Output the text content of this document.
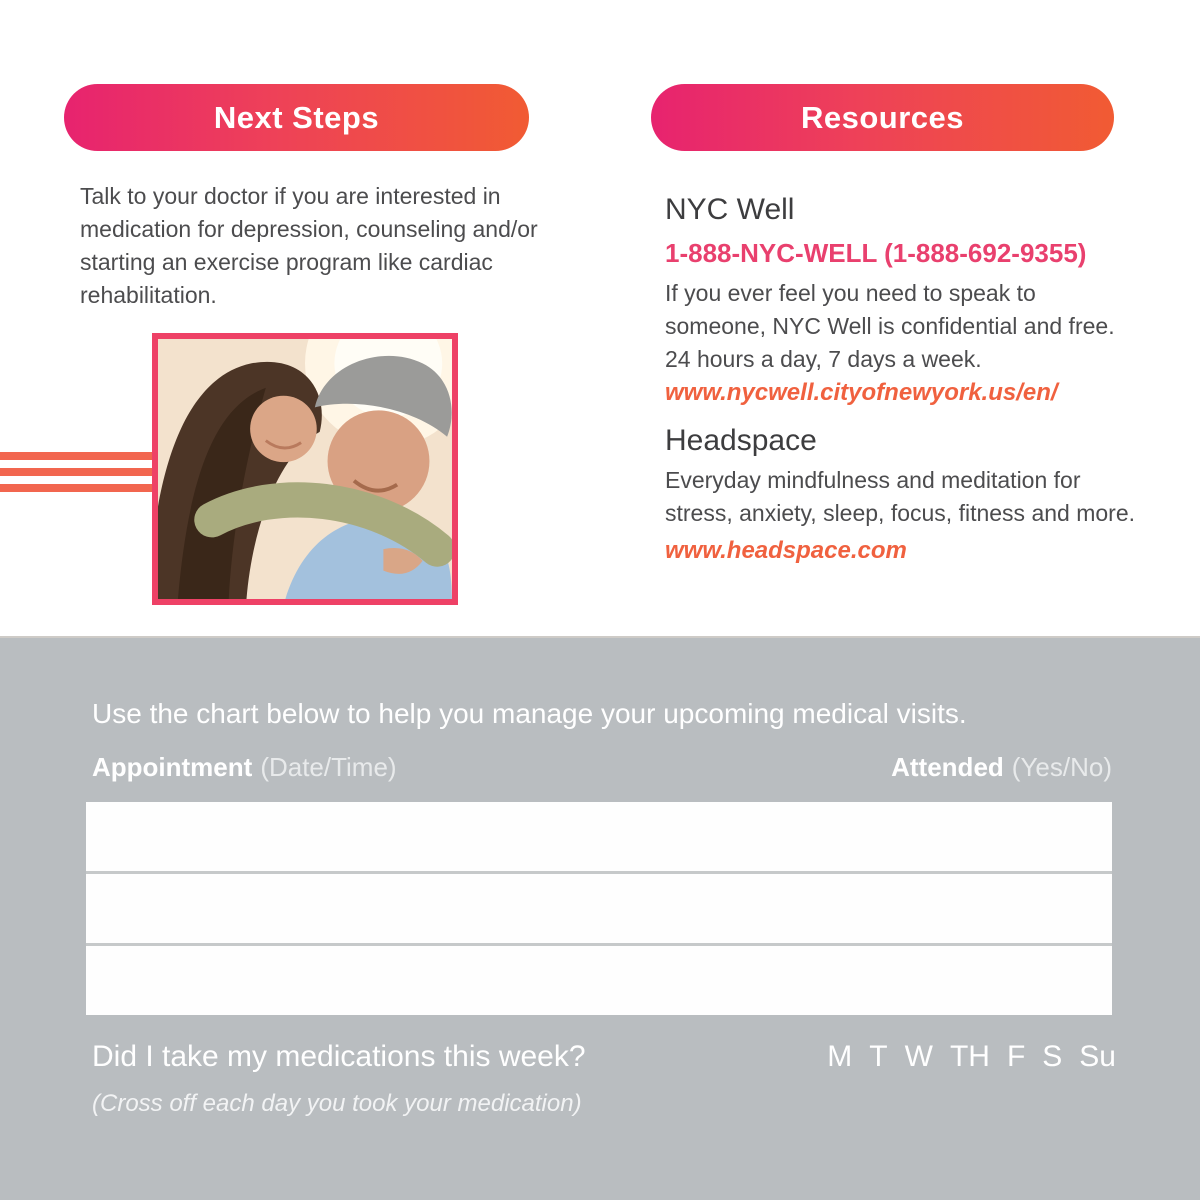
Next Steps
Talk to your doctor if you are interested in medication for depression, counseling and/or starting an exercise program like cardiac rehabilitation.
Resources
NYC Well
1-888-NYC-WELL (1-888-692-9355)
If you ever feel you need to speak to someone, NYC Well is confidential and free. 24 hours a day, 7 days a week.
www.nycwell.cityofnewyork.us/en/
Headspace
Everyday mindfulness and meditation for stress, anxiety, sleep, focus, fitness and more.
www.headspace.com
Use the chart below to help you manage your upcoming medical visits.
Appointment (Date/Time)	Attended (Yes/No)
Did I take my medications this week?	M T W TH F S Su
(Cross off each day you took your medication)
